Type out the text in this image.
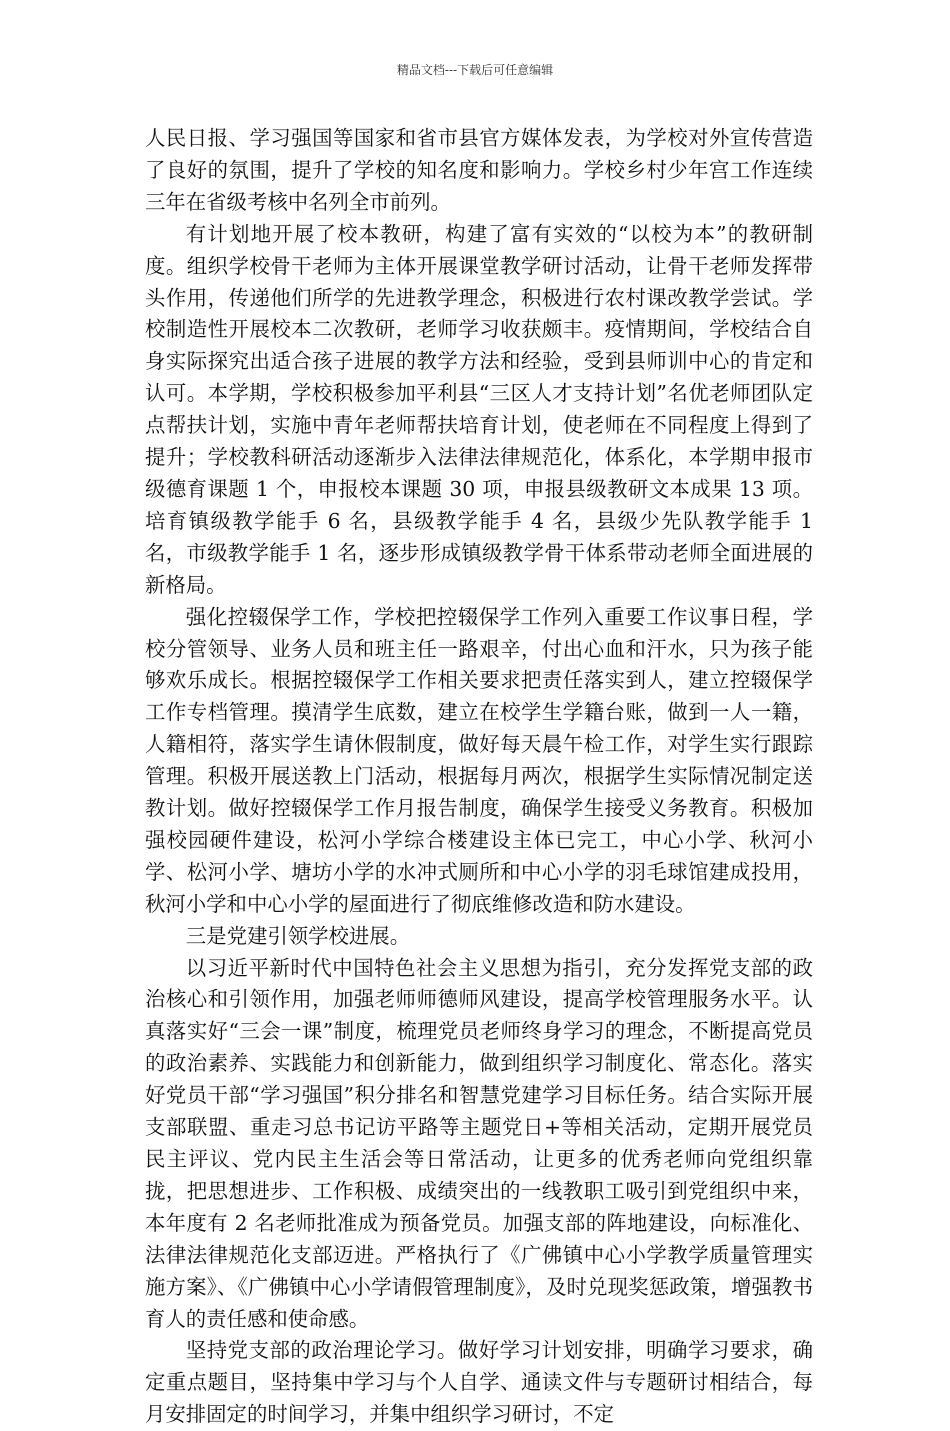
精品文档---下载后可任意编辑

人民日报、学习强国等国家和省市县官方媒体发表，为学校对外宣传营造了良好的氛围，提升了学校的知名度和影响力。学校乡村少年宫工作连续三年在省级考核中名列全市前列。

有计划地开展了校本教研，构建了富有实效的“以校为本”的教研制度。组织学校骨干老师为主体开展课堂教学研讨活动，让骨干老师发挥带头作用，传递他们所学的先进教学理念，积极进行农村课改教学尝试。学校制造性开展校本二次教研，老师学习收获颇丰。疫情期间，学校结合自身实际探究出适合孩子进展的教学方法和经验，受到县师训中心的肯定和认可。本学期，学校积极参加平利县“三区人才支持计划”名优老师团队定点帮扶计划，实施中青年老师帮扶培育计划，使老师在不同程度上得到了提升；学校教科研活动逐渐步入法律法律规范化，体系化，本学期申报市级德育课题 1 个，申报校本课题 30 项，申报县级教研文本成果 13 项。培育镇级教学能手 6 名，县级教学能手 4 名，县级少先队教学能手 1 名，市级教学能手 1 名，逐步形成镇级教学骨干体系带动老师全面进展的新格局。

强化控辍保学工作，学校把控辍保学工作列入重要工作议事日程，学校分管领导、业务人员和班主任一路艰辛，付出心血和汗水，只为孩子能够欢乐成长。根据控辍保学工作相关要求把责任落实到人，建立控辍保学工作专档管理。摸清学生底数，建立在校学生学籍台账，做到一人一籍，人籍相符，落实学生请休假制度，做好每天晨午检工作，对学生实行跟踪管理。积极开展送教上门活动，根据每月两次，根据学生实际情况制定送教计划。做好控辍保学工作月报告制度，确保学生接受义务教育。积极加强校园硬件建设，松河小学综合楼建设主体已完工，中心小学、秋河小学、松河小学、塘坊小学的水冲式厕所和中心小学的羽毛球馆建成投用，秋河小学和中心小学的屋面进行了彻底维修改造和防水建设。

三是党建引领学校进展。

以习近平新时代中国特色社会主义思想为指引，充分发挥党支部的政治核心和引领作用，加强老师师德师风建设，提高学校管理服务水平。认真落实好“三会一课”制度，梳理党员老师终身学习的理念，不断提高党员的政治素养、实践能力和创新能力，做到组织学习制度化、常态化。落实好党员干部“学习强国”积分排名和智慧党建学习目标任务。结合实际开展支部联盟、重走习总书记访平路等主题党日+等相关活动，定期开展党员民主评议、党内民主生活会等日常活动，让更多的优秀老师向党组织靠拢，把思想进步、工作积极、成绩突出的一线教职工吸引到党组织中来，本年度有 2 名老师批准成为预备党员。加强支部的阵地建设，向标准化、法律法律规范化支部迈进。严格执行了《广佛镇中心小学教学质量管理实施方案》、《广佛镇中心小学请假管理制度》，及时兑现奖惩政策，增强教书育人的责任感和使命感。

坚持党支部的政治理论学习。做好学习计划安排，明确学习要求，确定重点题目，坚持集中学习与个人自学、通读文件与专题研讨相结合，每月安排固定的时间学习，并集中组织学习研讨，不定
